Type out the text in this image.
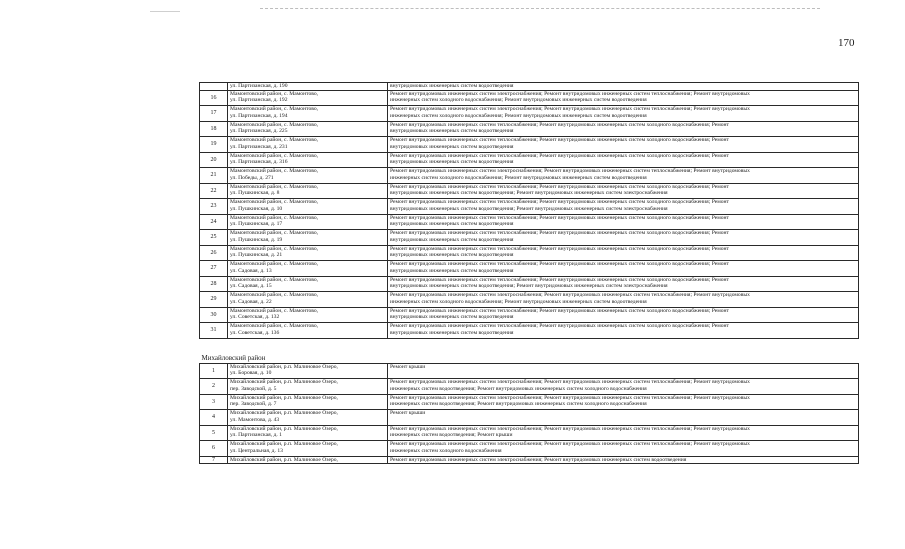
170

	ул. Партизанская, д. 190	внутридомовых инженерных систем водоотведения

16	Мамонтовский район, с. Мамонтово,
ул. Партизанская, д. 192	Ремонт внутридомовых инженерных систем электроснабжения; Ремонт внутридомовых инженерных систем теплоснабжения; Ремонт внутридомовых
инженерных систем холодного водоснабжения; Ремонт внутридомовых инженерных систем водоотведения

17	Мамонтовский район, с. Мамонтово,
ул. Партизанская, д. 194	Ремонт внутридомовых инженерных систем электроснабжения; Ремонт внутридомовых инженерных систем теплоснабжения; Ремонт внутридомовых
инженерных систем холодного водоснабжения; Ремонт внутридомовых инженерных систем водоотведения

18	Мамонтовский район, с. Мамонтово,
ул. Партизанская, д. 225	Ремонт внутридомовых инженерных систем теплоснабжения; Ремонт внутридомовых инженерных систем холодного водоснабжения; Ремонт
внутридомовых инженерных систем водоотведения

19	Мамонтовский район, с. Мамонтово,
ул. Партизанская, д. 231	Ремонт внутридомовых инженерных систем теплоснабжения; Ремонт внутридомовых инженерных систем холодного водоснабжения; Ремонт
внутридомовых инженерных систем водоотведения

20	Мамонтовский район, с. Мамонтово,
ул. Партизанская, д. 316	Ремонт внутридомовых инженерных систем теплоснабжения; Ремонт внутридомовых инженерных систем холодного водоснабжения; Ремонт
внутридомовых инженерных систем водоотведения

21	Мамонтовский район, с. Мамонтово,
ул. Победы, д. 271	Ремонт внутридомовых инженерных систем электроснабжения; Ремонт внутридомовых инженерных систем теплоснабжения; Ремонт внутридомовых
инженерных систем холодного водоснабжения; Ремонт внутридомовых инженерных систем водоотведения

22	Мамонтовский район, с. Мамонтово,
ул. Пушкинская, д. 8	Ремонт внутридомовых инженерных систем теплоснабжения; Ремонт внутридомовых инженерных систем холодного водоснабжения; Ремонт
внутридомовых инженерных систем водоотведения; Ремонт внутридомовых инженерных систем электроснабжения

23	Мамонтовский район, с. Мамонтово,
ул. Пушкинская, д. 10	Ремонт внутридомовых инженерных систем теплоснабжения; Ремонт внутридомовых инженерных систем холодного водоснабжения; Ремонт
внутридомовых инженерных систем водоотведения; Ремонт внутридомовых инженерных систем электроснабжения

24	Мамонтовский район, с. Мамонтово,
ул. Пушкинская, д. 17	Ремонт внутридомовых инженерных систем теплоснабжения; Ремонт внутридомовых инженерных систем холодного водоснабжения; Ремонт
внутридомовых инженерных систем водоотведения

25	Мамонтовский район, с. Мамонтово,
ул. Пушкинская, д. 19	Ремонт внутридомовых инженерных систем теплоснабжения; Ремонт внутридомовых инженерных систем холодного водоснабжения; Ремонт
внутридомовых инженерных систем водоотведения

26	Мамонтовский район, с. Мамонтово,
ул. Пушкинская, д. 21	Ремонт внутридомовых инженерных систем теплоснабжения; Ремонт внутридомовых инженерных систем холодного водоснабжения; Ремонт
внутридомовых инженерных систем водоотведения

27	Мамонтовский район, с. Мамонтово,
ул. Садовая, д. 13	Ремонт внутридомовых инженерных систем теплоснабжения; Ремонт внутридомовых инженерных систем холодного водоснабжения; Ремонт
внутридомовых инженерных систем водоотведения

28	Мамонтовский район, с. Мамонтово,
ул. Садовая, д. 15	Ремонт внутридомовых инженерных систем теплоснабжения; Ремонт внутридомовых инженерных систем холодного водоснабжения; Ремонт
внутридомовых инженерных систем водоотведения; Ремонт внутридомовых инженерных систем электроснабжения

29	Мамонтовский район, с. Мамонтово,
ул. Садовая, д. 22	Ремонт внутридомовых инженерных систем электроснабжения; Ремонт внутридомовых инженерных систем теплоснабжения; Ремонт внутридомовых
инженерных систем холодного водоснабжения; Ремонт внутридомовых инженерных систем водоотведения

30	Мамонтовский район, с. Мамонтово,
ул. Советская, д. 132	Ремонт внутридомовых инженерных систем теплоснабжения; Ремонт внутридомовых инженерных систем холодного водоснабжения; Ремонт
внутридомовых инженерных систем водоотведения

31	Мамонтовский район, с. Мамонтово,
ул. Советская, д. 136	Ремонт внутридомовых инженерных систем теплоснабжения; Ремонт внутридомовых инженерных систем холодного водоснабжения; Ремонт
внутридомовых инженерных систем водоотведения

Михайловский район		
1	Михайловский район, р.п. Малиновое Озеро,
ул. Боровая, д. 10	Ремонт крыши

2	Михайловский район, р.п. Малиновое Озеро,
пер. Заводской, д. 5	Ремонт внутридомовых инженерных систем электроснабжения; Ремонт внутридомовых инженерных систем теплоснабжения; Ремонт внутридомовых
инженерных систем водоотведения; Ремонт внутридомовых инженерных систем холодного водоснабжения

3	Михайловский район, р.п. Малиновое Озеро,
пер. Заводской, д. 7	Ремонт внутридомовых инженерных систем электроснабжения; Ремонт внутридомовых инженерных систем теплоснабжения; Ремонт внутридомовых
инженерных систем водоотведения; Ремонт внутридомовых инженерных систем холодного водоснабжения

4	Михайловский район, р.п. Малиновое Озеро,
ул. Мамонтова, д. 43	Ремонт крыши

5	Михайловский район, р.п. Малиновое Озеро,
ул. Партизанская, д. 1	Ремонт внутридомовых инженерных систем электроснабжения; Ремонт внутридомовых инженерных систем теплоснабжения; Ремонт внутридомовых
инженерных систем водоотведения; Ремонт крыши

6	Михайловский район, р.п. Малиновое Озеро,
ул. Центральная, д. 13	Ремонт внутридомовых инженерных систем электроснабжения; Ремонт внутридомовых инженерных систем теплоснабжения; Ремонт внутридомовых
инженерных систем холодного водоснабжения

7	Михайловский район, р.п. Малиновое Озеро,	Ремонт внутридомовых инженерных систем электроснабжения; Ремонт внутридомовых инженерных систем водоотведения
